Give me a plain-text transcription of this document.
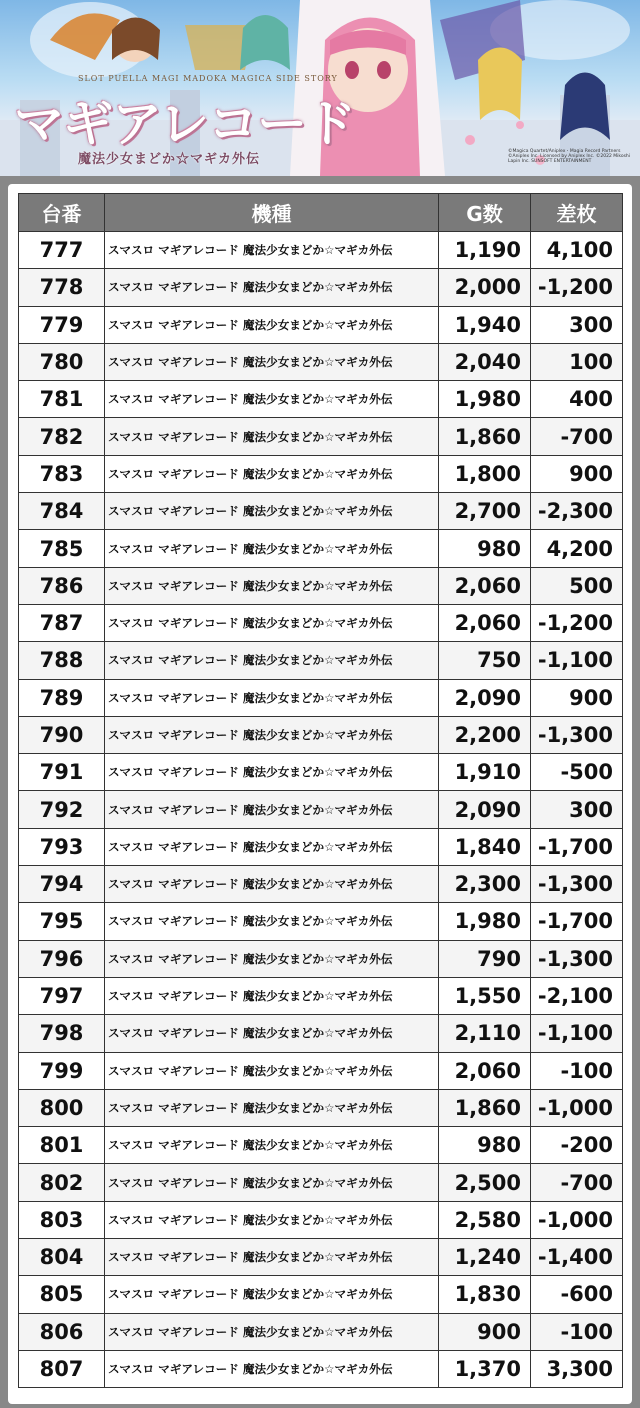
SLOT PUELLA MAGI MADOKA MAGICA SIDE STORY
マギアレコード
魔法少女まどか☆マギカ外伝
©Magica Quartet/Aniplex・Magia Record Partners ©Aniplex Inc. Licensed by Aniplex Inc. ©2022 Mikoshi Lapin Inc. SUNSOFT ENTERTAINMENT
台番	機種	G数	差枚
777	スマスロ マギアレコード 魔法少女まどか☆マギカ外伝	1,190	4,100
778	スマスロ マギアレコード 魔法少女まどか☆マギカ外伝	2,000	-1,200
779	スマスロ マギアレコード 魔法少女まどか☆マギカ外伝	1,940	300
780	スマスロ マギアレコード 魔法少女まどか☆マギカ外伝	2,040	100
781	スマスロ マギアレコード 魔法少女まどか☆マギカ外伝	1,980	400
782	スマスロ マギアレコード 魔法少女まどか☆マギカ外伝	1,860	-700
783	スマスロ マギアレコード 魔法少女まどか☆マギカ外伝	1,800	900
784	スマスロ マギアレコード 魔法少女まどか☆マギカ外伝	2,700	-2,300
785	スマスロ マギアレコード 魔法少女まどか☆マギカ外伝	980	4,200
786	スマスロ マギアレコード 魔法少女まどか☆マギカ外伝	2,060	500
787	スマスロ マギアレコード 魔法少女まどか☆マギカ外伝	2,060	-1,200
788	スマスロ マギアレコード 魔法少女まどか☆マギカ外伝	750	-1,100
789	スマスロ マギアレコード 魔法少女まどか☆マギカ外伝	2,090	900
790	スマスロ マギアレコード 魔法少女まどか☆マギカ外伝	2,200	-1,300
791	スマスロ マギアレコード 魔法少女まどか☆マギカ外伝	1,910	-500
792	スマスロ マギアレコード 魔法少女まどか☆マギカ外伝	2,090	300
793	スマスロ マギアレコード 魔法少女まどか☆マギカ外伝	1,840	-1,700
794	スマスロ マギアレコード 魔法少女まどか☆マギカ外伝	2,300	-1,300
795	スマスロ マギアレコード 魔法少女まどか☆マギカ外伝	1,980	-1,700
796	スマスロ マギアレコード 魔法少女まどか☆マギカ外伝	790	-1,300
797	スマスロ マギアレコード 魔法少女まどか☆マギカ外伝	1,550	-2,100
798	スマスロ マギアレコード 魔法少女まどか☆マギカ外伝	2,110	-1,100
799	スマスロ マギアレコード 魔法少女まどか☆マギカ外伝	2,060	-100
800	スマスロ マギアレコード 魔法少女まどか☆マギカ外伝	1,860	-1,000
801	スマスロ マギアレコード 魔法少女まどか☆マギカ外伝	980	-200
802	スマスロ マギアレコード 魔法少女まどか☆マギカ外伝	2,500	-700
803	スマスロ マギアレコード 魔法少女まどか☆マギカ外伝	2,580	-1,000
804	スマスロ マギアレコード 魔法少女まどか☆マギカ外伝	1,240	-1,400
805	スマスロ マギアレコード 魔法少女まどか☆マギカ外伝	1,830	-600
806	スマスロ マギアレコード 魔法少女まどか☆マギカ外伝	900	-100
807	スマスロ マギアレコード 魔法少女まどか☆マギカ外伝	1,370	3,300
